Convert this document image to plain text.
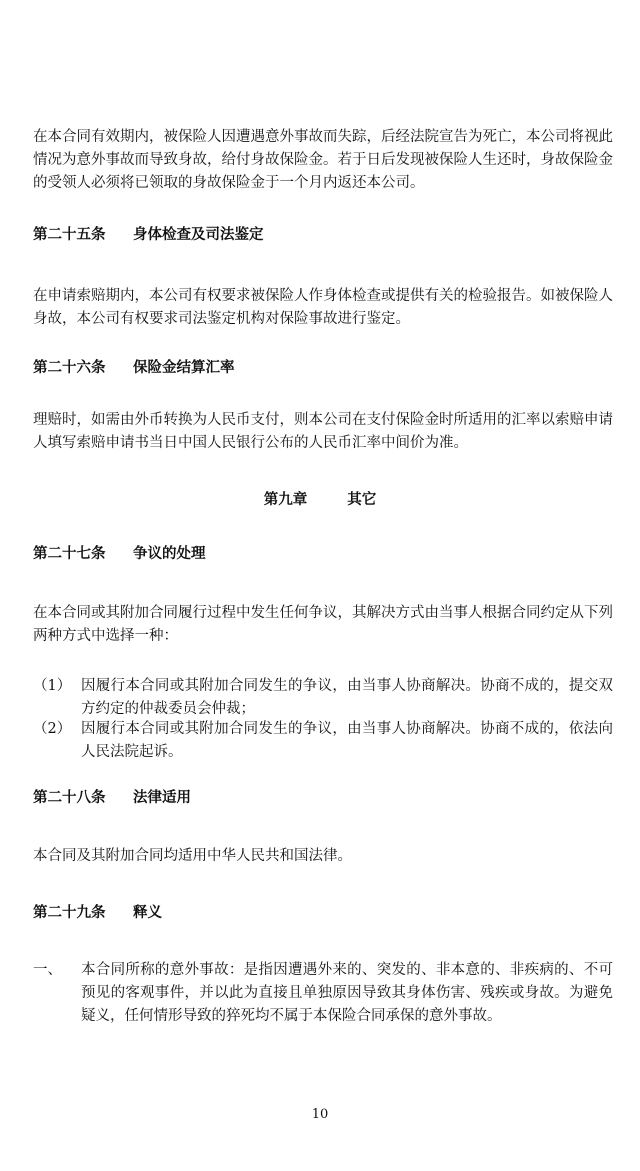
在本合同有效期内，被保险人因遭遇意外事故而失踪，后经法院宣告为死亡，本公司将视此情况为意外事故而导致身故，给付身故保险金。若于日后发现被保险人生还时，身故保险金的受领人必须将已领取的身故保险金于一个月内返还本公司。
第二十五条 身体检查及司法鉴定
在申请索赔期内，本公司有权要求被保险人作身体检查或提供有关的检验报告。如被保险人身故，本公司有权要求司法鉴定机构对保险事故进行鉴定。
第二十六条 保险金结算汇率
理赔时，如需由外币转换为人民币支付，则本公司在支付保险金时所适用的汇率以索赔申请人填写索赔申请书当日中国人民银行公布的人民币汇率中间价为准。
第九章	其它
第二十七条 争议的处理
在本合同或其附加合同履行过程中发生任何争议，其解决方式由当事人根据合同约定从下列两种方式中选择一种：
（1） 因履行本合同或其附加合同发生的争议，由当事人协商解决。协商不成的，提交双方约定的仲裁委员会仲裁；
（2） 因履行本合同或其附加合同发生的争议，由当事人协商解决。协商不成的，依法向人民法院起诉。
第二十八条 法律适用
本合同及其附加合同均适用中华人民共和国法律。
第二十九条 释义
一、	本合同所称的意外事故：是指因遭遇外来的、突发的、非本意的、非疾病的、不可预见的客观事件，并以此为直接且单独原因导致其身体伤害、残疾或身故。为避免疑义，任何情形导致的猝死均不属于本保险合同承保的意外事故。
10
